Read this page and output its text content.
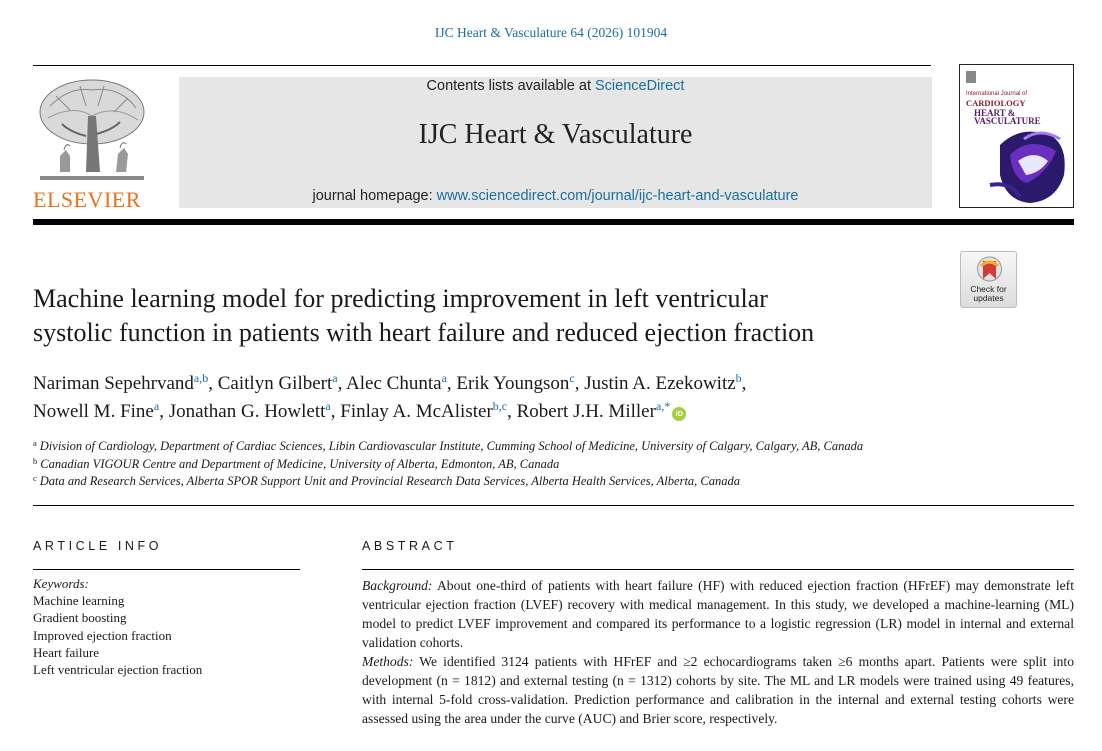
IJC Heart & Vasculature 64 (2026) 101904
ELSEVIER
Contents lists available at ScienceDirect
IJC Heart & Vasculature
journal homepage: www.sciencedirect.com/journal/ijc-heart-and-vasculature
International Journal of
CARDIOLOGY
HEART &
VASCULATURE
Check for
updates
Machine learning model for predicting improvement in left ventricular
systolic function in patients with heart failure and reduced ejection fraction
Nariman Sepehrvand$^{a,b}$, Caitlyn Gilbert$^a$, Alec Chunta$^a$, Erik Youngson$^c$, Justin A. Ezekowitz$^b$,
Nowell M. Fine$^a$, Jonathan G. Howlett$^a$, Finlay A. McAlister$^{b,c}$, Robert J.H. Miller$^{a,*}$iD
$^a$ Division of Cardiology, Department of Cardiac Sciences, Libin Cardiovascular Institute, Cumming School of Medicine, University of Calgary, Calgary, AB, Canada
$^b$ Canadian VIGOUR Centre and Department of Medicine, University of Alberta, Edmonton, AB, Canada
$^c$ Data and Research Services, Alberta SPOR Support Unit and Provincial Research Data Services, Alberta Health Services, Alberta, Canada
ARTICLE INFO	ABSTRACT
Keywords:
Machine learning
Gradient boosting
Improved ejection fraction
Heart failure
Left ventricular ejection fraction

Background: About one-third of patients with heart failure (HF) with reduced ejection fraction (HFrEF) may demonstrate left ventricular ejection fraction (LVEF) recovery with medical management. In this study, we developed a machine-learning (ML) model to predict LVEF improvement and compared its performance to a logistic regression (LR) model in internal and external validation cohorts.

Methods: We identified 3124 patients with HFrEF and ≥2 echocardiograms taken ≥6 months apart. Patients were split into development (n = 1812) and external testing (n = 1312) cohorts by site. The ML and LR models were trained using 49 features, with internal 5-fold cross-validation. Prediction performance and calibration in the internal and external testing cohorts were assessed using the area under the curve (AUC) and Brier score, respectively.
